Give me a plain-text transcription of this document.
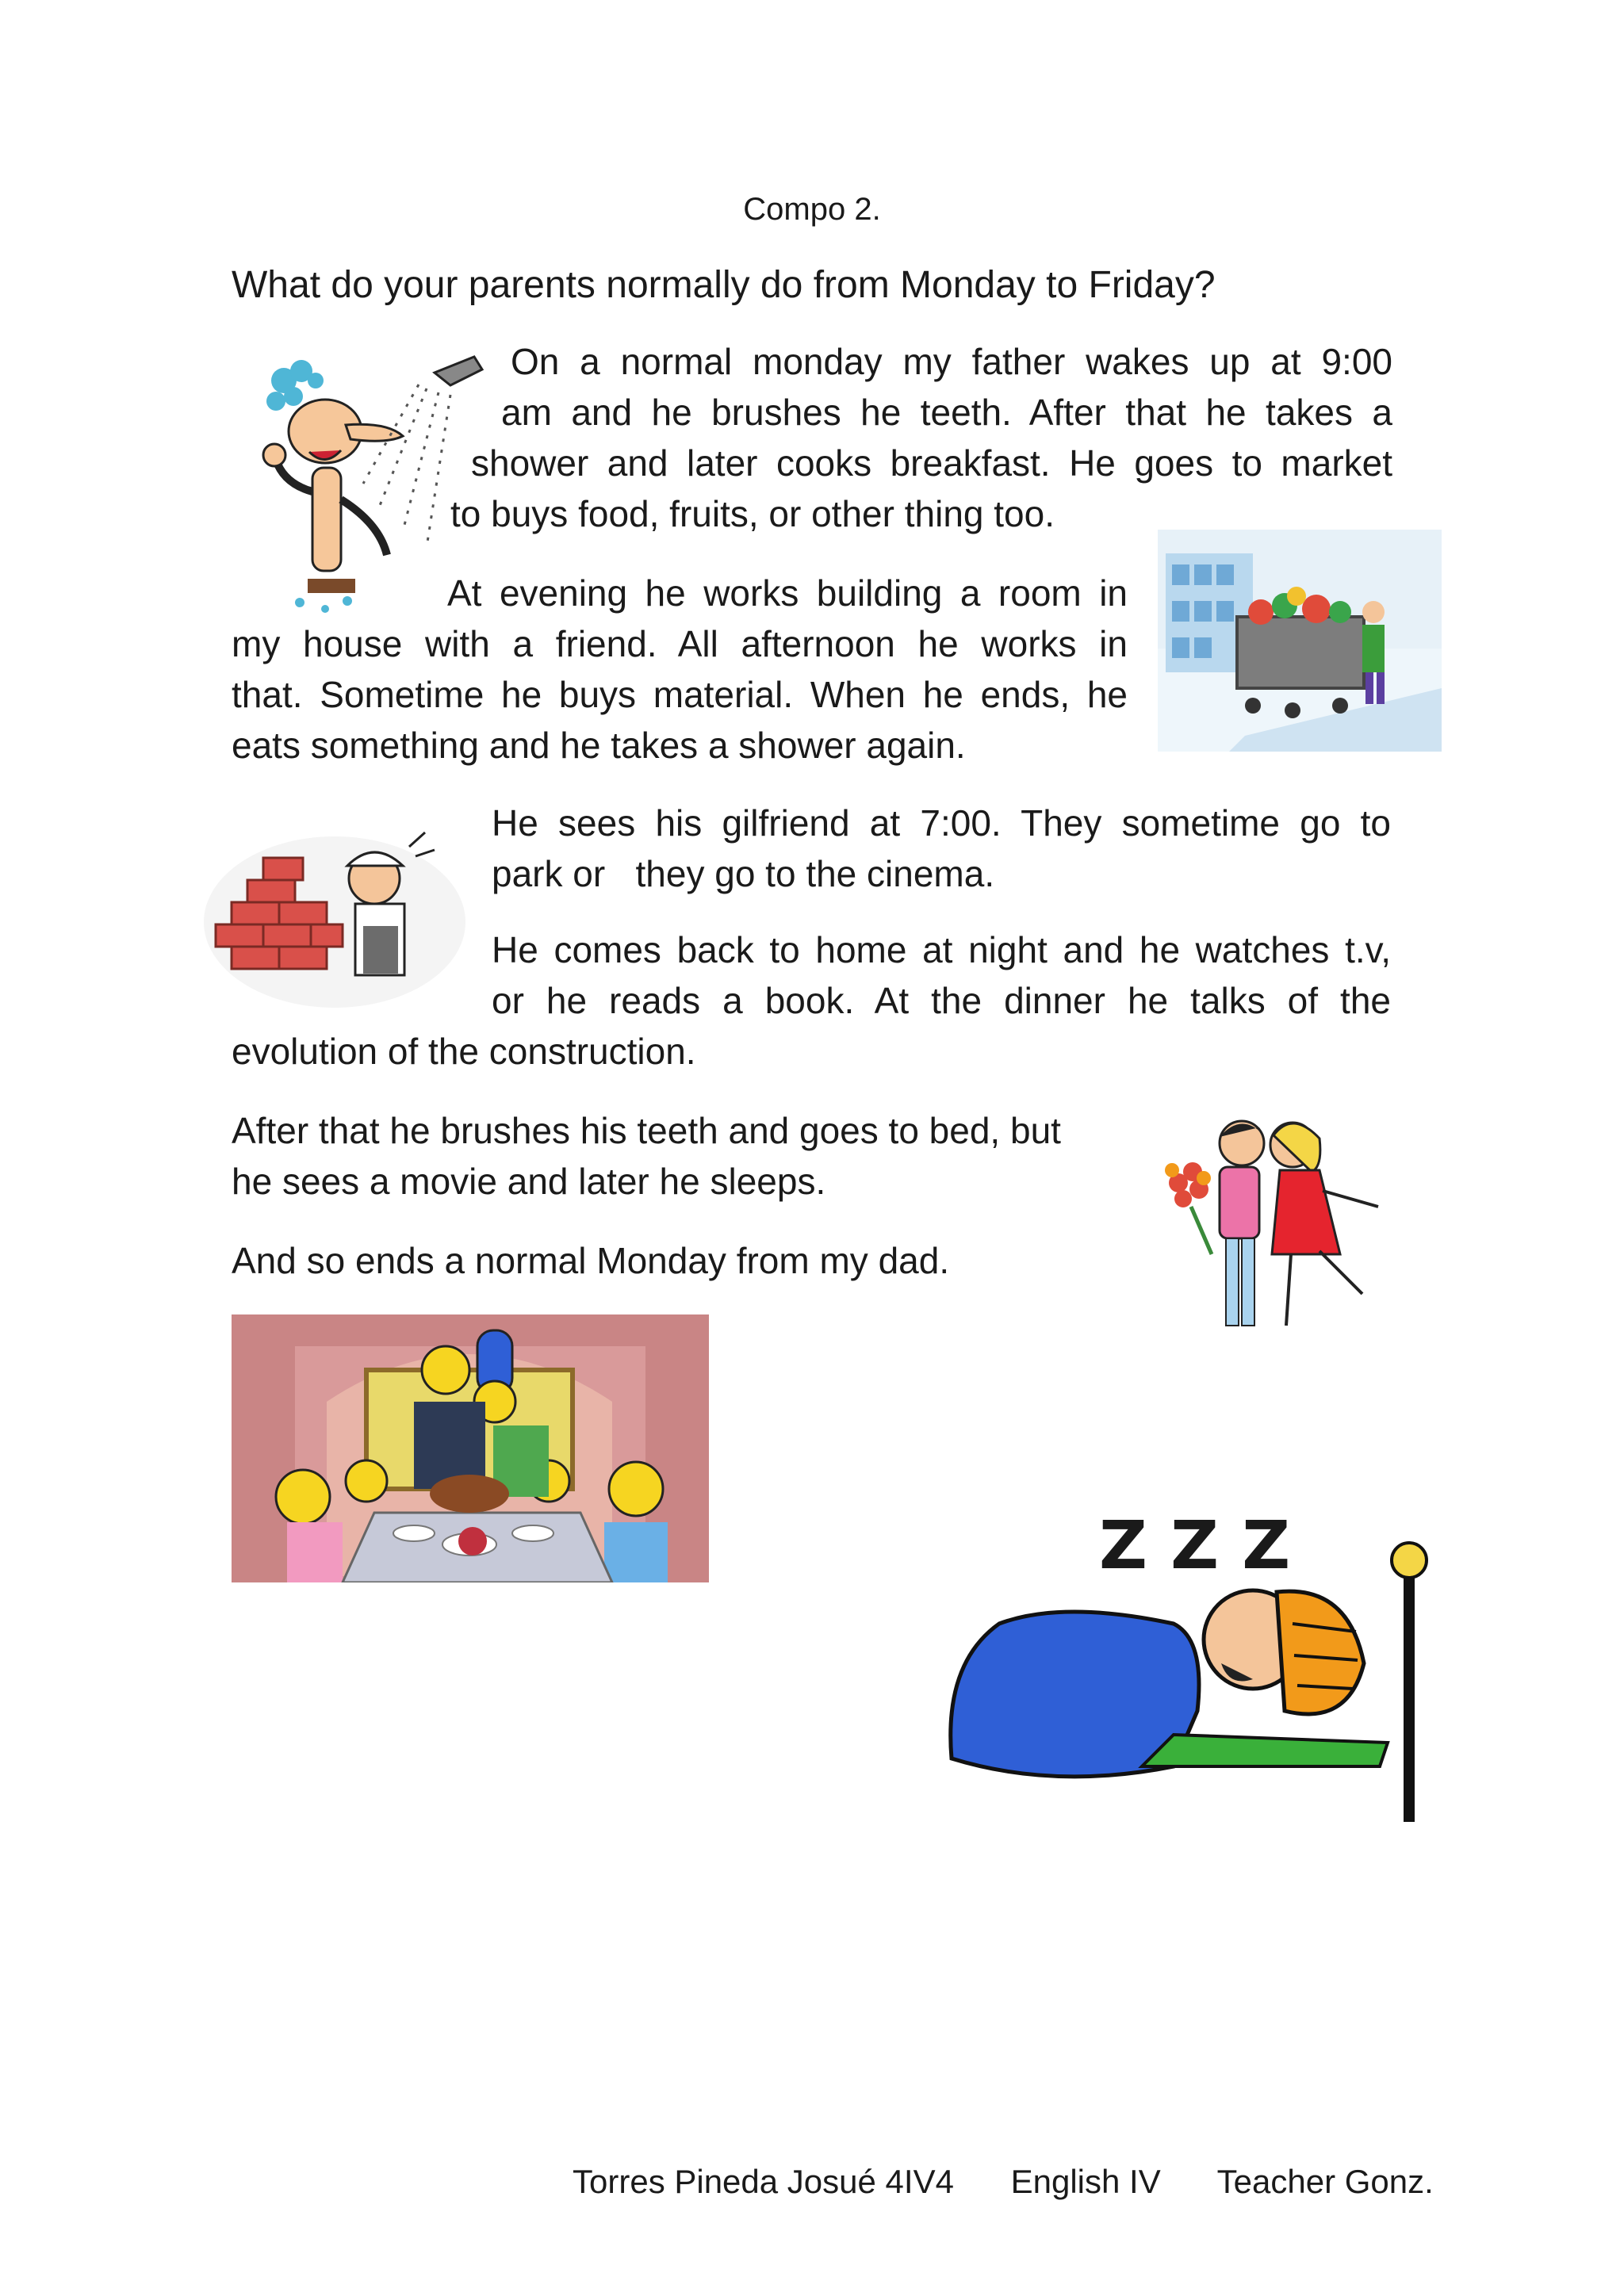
Compo 2.
What do your parents normally do from Monday to Friday?
On a normal monday my father wakes up at 9:00
am and he brushes he teeth. After that he takes a
shower and later cooks breakfast. He goes to market
to buys food, fruits, or other thing too.
At evening he works building a room in
my house with a friend. All afternoon he works in
that. Sometime he buys material. When he ends, he
eats something and he takes a shower again.
He sees his gilfriend at 7:00. They sometime go to
park or   they go to the cinema.
He comes back to home at night and he watches t.v,
or he reads a book. At the dinner he talks of the
evolution of the construction.
After that he brushes his teeth and goes to bed, but
he sees a movie and later he sleeps.
And so ends a normal Monday from my dad.
Z Z Z
Torres Pineda Josué 4IV4 English IV Teacher Gonz.
